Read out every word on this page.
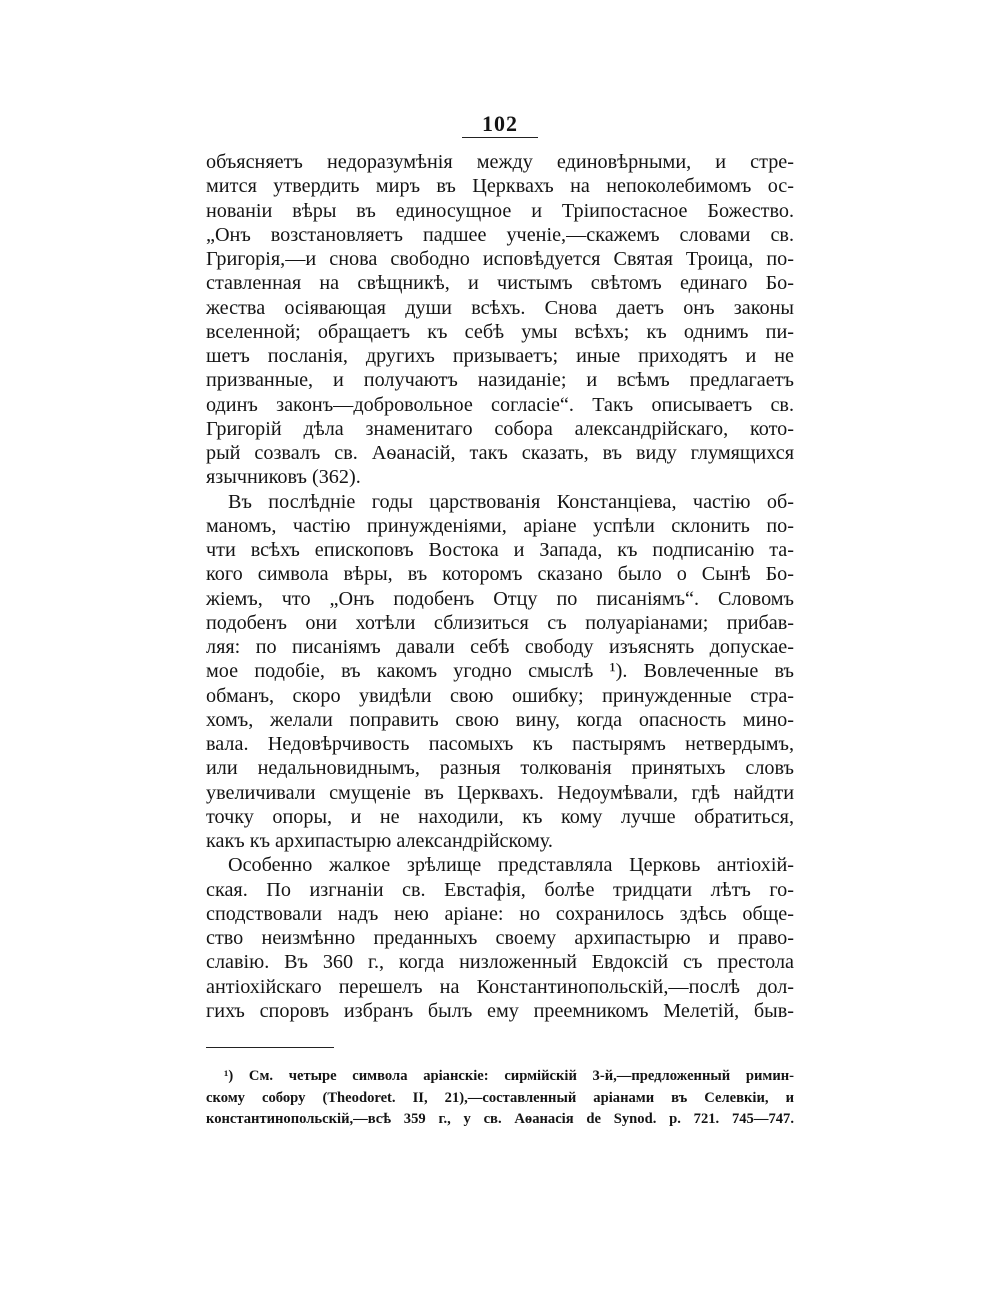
102
объясняетъ недоразумѣнія между единовѣрными, и стре-
мится утвердить миръ въ Церквахъ на непоколебимомъ ос-
нованіи вѣры въ единосущное и Тріипостасное Божество.
„Онъ возстановляетъ падшее ученіе,—скажемъ словами св.
Григорія,—и снова свободно исповѣдуется Святая Троица, по-
ставленная на свѣщникѣ, и чистымъ свѣтомъ единаго Бо-
жества осіявающая души всѣхъ. Снова даетъ онъ законы
вселенной; обращаетъ къ себѣ умы всѣхъ; къ однимъ пи-
шетъ посланія, другихъ призываетъ; иные приходятъ и не
призванные, и получаютъ назиданіе; и всѣмъ предлагаетъ
одинъ законъ—добровольное согласіе“. Такъ описываетъ св.
Григорій дѣла знаменитаго собора александрійскаго, кото-
рый созвалъ св. Аѳанасій, такъ сказать, въ виду глумящихся
язычниковъ (362).
Въ послѣдніе годы царствованія Констанціева, частію об-
маномъ, частію принужденіями, аріане успѣли склонить по-
чти всѣхъ епископовъ Востока и Запада, къ подписанію та-
кого символа вѣры, въ которомъ сказано было о Сынѣ Бо-
жіемъ, что „Онъ подобенъ Отцу по писаніямъ“. Словомъ
подобенъ они хотѣли сблизиться съ полуаріанами; прибав-
ляя: по писаніямъ давали себѣ свободу изъяснять допускае-
мое подобіе, въ какомъ угодно смыслѣ ¹). Вовлеченные въ
обманъ, скоро увидѣли свою ошибку; принужденные стра-
хомъ, желали поправить свою вину, когда опасность мино-
вала. Недовѣрчивость пасомыхъ къ пастырямъ нетвердымъ,
или недальновиднымъ, разныя толкованія принятыхъ словъ
увеличивали смущеніе въ Церквахъ. Недоумѣвали, гдѣ найдти
точку опоры, и не находили, къ кому лучше обратиться,
какъ къ архипастырю александрійскому.
Особенно жалкое зрѣлище представляла Церковь антіохій-
ская. По изгнаніи св. Евстафія, болѣе тридцати лѣтъ го-
сподствовали надъ нею аріане: но сохранилось здѣсь обще-
ство неизмѣнно преданныхъ своему архипастырю и право-
славію. Въ 360 г., когда низложенный Евдоксій съ престола
антіохійскаго перешелъ на Константинопольскій,—послѣ дол-
гихъ споровъ избранъ былъ ему преемникомъ Мелетій, быв-
¹) См. четыре символа аріанскіе: сирмійскій 3-й,—предложенный римин-
скому собору (Theodoret. II, 21),—составленный аріанами въ Селевкіи, и
константинопольскій,—всѣ 359 г., у св. Аѳанасія de Synod. p. 721. 745—747.
